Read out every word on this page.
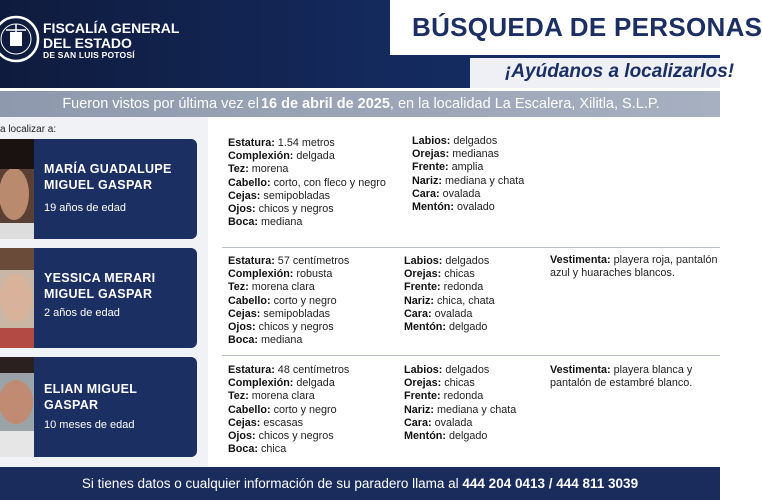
FISCALÍA GENERAL
DEL ESTADO
DE SAN LUIS POTOSÍ
BÚSQUEDA DE PERSONAS
¡Ayúdanos a localizarlos!
Fueron vistos por última vez el 16 de abril de 2025, en la localidad La Escalera, Xilitla, S.L.P.
a localizar a:
MARÍA GUADALUPE
MIGUEL GASPAR
19 años de edad
YESSICA MERARI
MIGUEL GASPAR
2 años de edad
ELIAN MIGUEL
GASPAR
10 meses de edad
Estatura: 1.54 metros
Complexión: delgada
Tez: morena
Cabello: corto, con fleco y negro
Cejas: semipobladas
Ojos: chicos y negros
Boca: mediana
Labios: delgados
Orejas: medianas
Frente: amplia
Nariz: mediana y chata
Cara: ovalada
Mentón: ovalado
Estatura: 57 centímetros
Complexión: robusta
Tez: morena clara
Cabello: corto y negro
Cejas: semipobladas
Ojos: chicos y negros
Boca: mediana
Labios: delgados
Orejas: chicas
Frente: redonda
Nariz: chica, chata
Cara: ovalada
Mentón: delgado
Vestimenta: playera roja, pantalón azul y huaraches blancos.
Estatura: 48 centímetros
Complexión: delgada
Tez: morena clara
Cabello: corto y negro
Cejas: escasas
Ojos: chicos y negros
Boca: chica
Labios: delgados
Orejas: chicas
Frente: redonda
Nariz: mediana y chata
Cara: ovalada
Mentón: delgado
Vestimenta: playera blanca y pantalón de estambré blanco.
Si tienes datos o cualquier información de su paradero llama al 444 204 0413 / 444 811 3039
